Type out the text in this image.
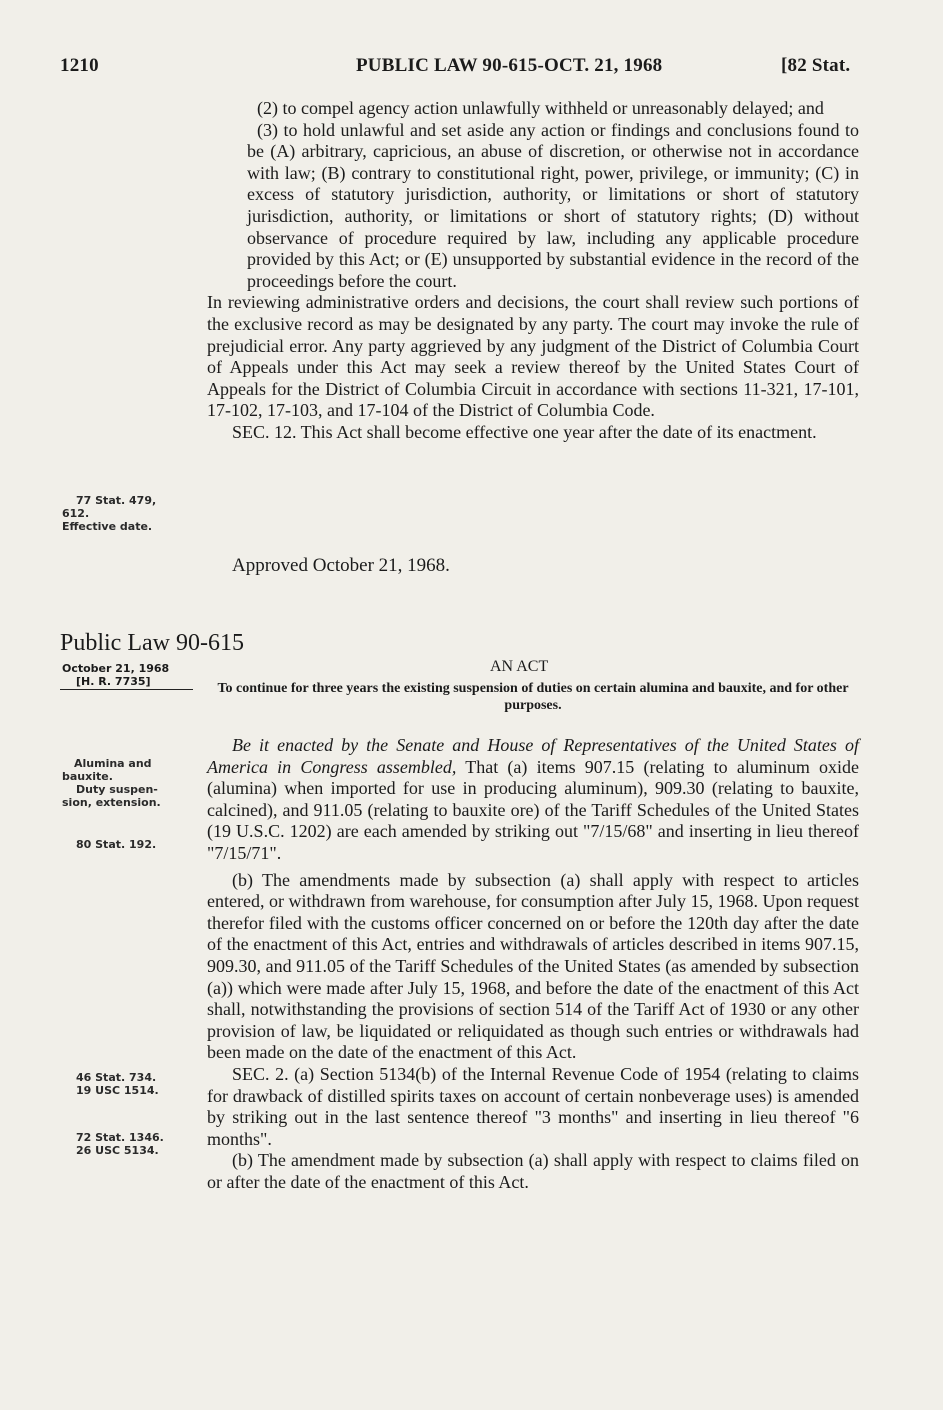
1210	PUBLIC LAW 90-615-OCT. 21, 1968	[82 Stat.

(2) to compel agency action unlawfully withheld or unreasonably delayed; and

(3) to hold unlawful and set aside any action or findings and conclusions found to be (A) arbitrary, capricious, an abuse of discretion, or otherwise not in accordance with law; (B) contrary to constitutional right, power, privilege, or immunity; (C) in excess of statutory jurisdiction, authority, or limitations or short of statutory jurisdiction, authority, or limitations or short of statutory rights; (D) without observance of procedure required by law, including any applicable procedure provided by this Act; or (E) unsupported by substantial evidence in the record of the proceedings before the court.

In reviewing administrative orders and decisions, the court shall review such portions of the exclusive record as may be designated by any party. The court may invoke the rule of prejudicial error. Any party aggrieved by any judgment of the District of Columbia Court of Appeals under this Act may seek a review thereof by the United States Court of Appeals for the District of Columbia Circuit in accordance with sections 11-321, 17-101, 17-102, 17-103, and 17-104 of the District of Columbia Code.

SEC. 12. This Act shall become effective one year after the date of its enactment.

Approved October 21, 1968.
77 Stat. 479,
612.
Effective date.
Public Law 90-615
October 21, 1968
[H. R. 7735]
AN ACT
To continue for three years the existing suspension of duties on certain alumina and bauxite, and for other purposes.

Be it enacted by the Senate and House of Representatives of the United States of America in Congress assembled, That (a) items 907.15 (relating to aluminum oxide (alumina) when imported for use in producing aluminum), 909.30 (relating to bauxite, calcined), and 911.05 (relating to bauxite ore) of the Tariff Schedules of the United States (19 U.S.C. 1202) are each amended by striking out "7/15/68" and inserting in lieu thereof "7/15/71".

(b) The amendments made by subsection (a) shall apply with respect to articles entered, or withdrawn from warehouse, for consumption after July 15, 1968. Upon request therefor filed with the customs officer concerned on or before the 120th day after the date of the enactment of this Act, entries and withdrawals of articles described in items 907.15, 909.30, and 911.05 of the Tariff Schedules of the United States (as amended by subsection (a)) which were made after July 15, 1968, and before the date of the enactment of this Act shall, notwithstanding the provisions of section 514 of the Tariff Act of 1930 or any other provision of law, be liquidated or reliquidated as though such entries or withdrawals had been made on the date of the enactment of this Act.

SEC. 2. (a) Section 5134(b) of the Internal Revenue Code of 1954 (relating to claims for drawback of distilled spirits taxes on account of certain nonbeverage uses) is amended by striking out in the last sentence thereof "3 months" and inserting in lieu thereof "6 months".

(b) The amendment made by subsection (a) shall apply with respect to claims filed on or after the date of the enactment of this Act.

Alumina and
bauxite.
Duty suspen-
sion, extension.
80 Stat. 192.
46 Stat. 734.
19 USC 1514.
72 Stat. 1346.
26 USC 5134.
